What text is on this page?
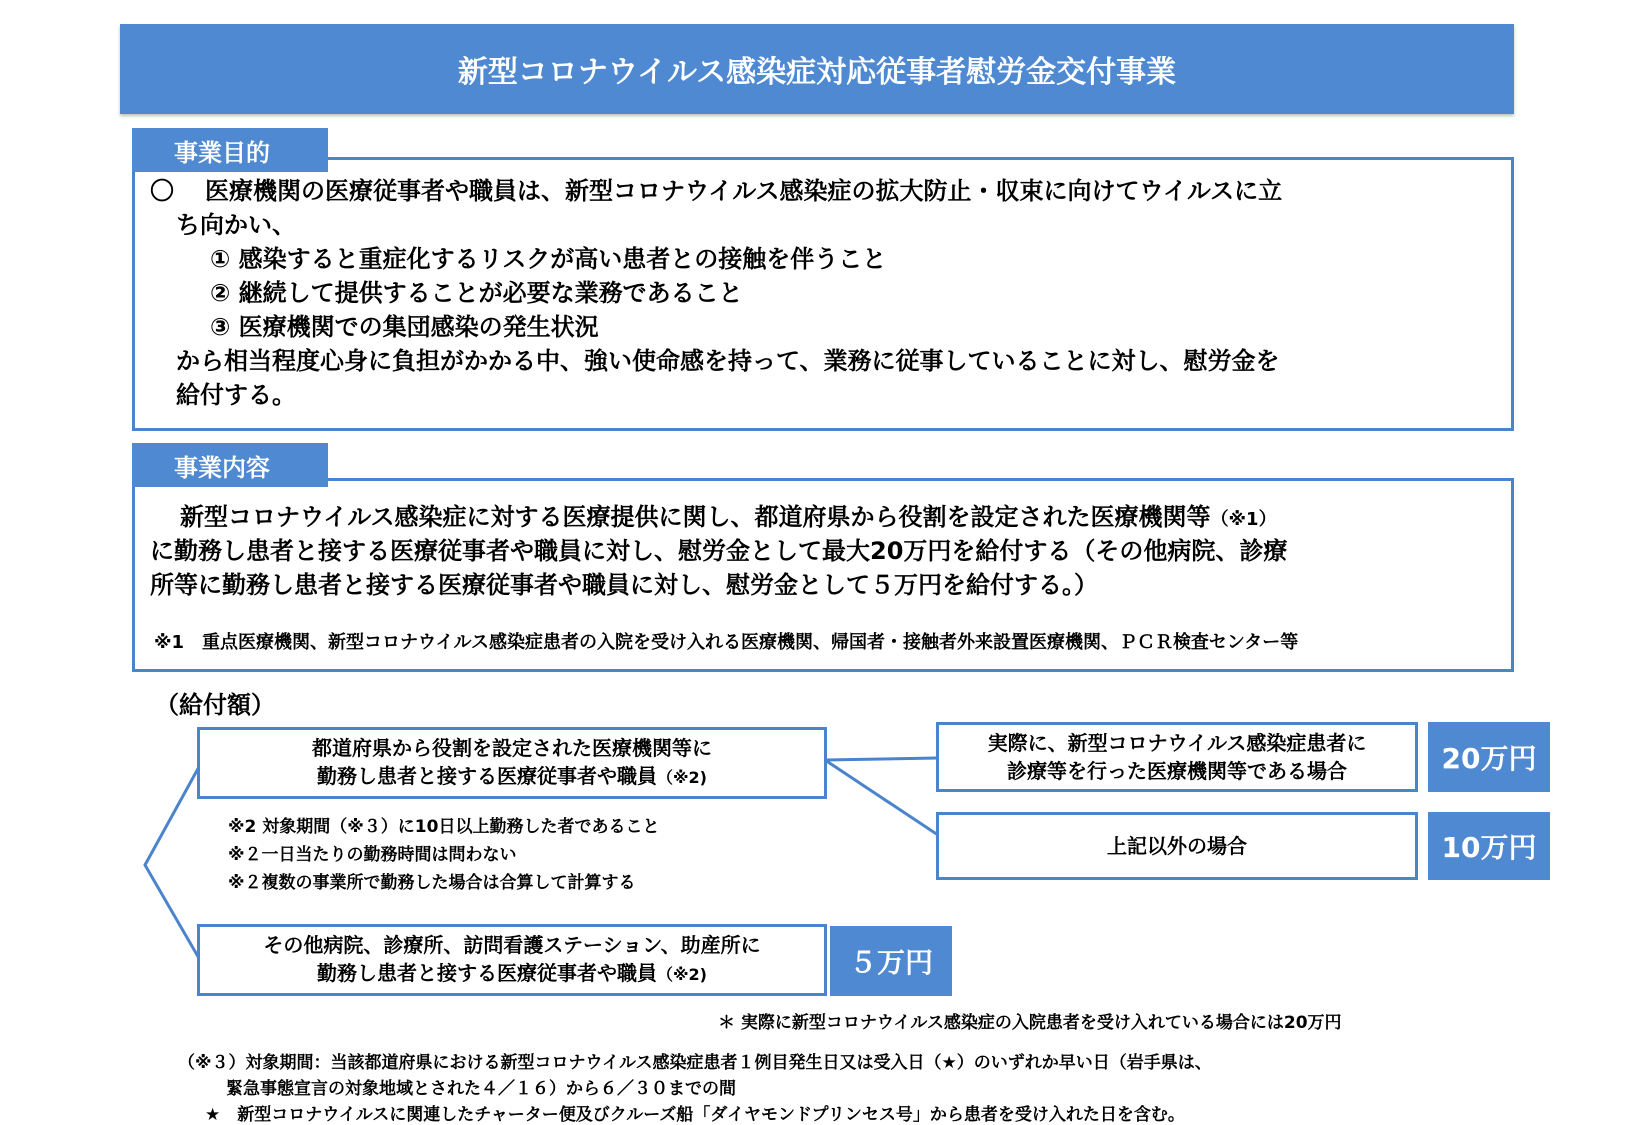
新型コロナウイルス感染症対応従事者慰労金交付事業
事業目的
〇 医療機関の医療従事者や職員は、新型コロナウイルス感染症の拡大防止・収束に向けてウイルスに立
ち向かい、
① 感染すると重症化するリスクが高い患者との接触を伴うこと
② 継続して提供することが必要な業務であること
③ 医療機関での集団感染の発生状況
から相当程度心身に負担がかかる中、強い使命感を持って、業務に従事していることに対し、慰労金を
給付する。
事業内容
新型コロナウイルス感染症に対する医療提供に関し、都道府県から役割を設定された医療機関等（※1）
に勤務し患者と接する医療従事者や職員に対し、慰労金として最大20万円を給付する（その他病院、診療
所等に勤務し患者と接する医療従事者や職員に対し、慰労金として５万円を給付する。）
※1　重点医療機関、新型コロナウイルス感染症患者の入院を受け入れる医療機関、帰国者・接触者外来設置医療機関、ＰＣＲ検査センター等
（給付額）
都道府県から役割を設定された医療機関等に
勤務し患者と接する医療従事者や職員（※2)
※2 対象期間（※３）に10日以上勤務した者であること
※２一日当たりの勤務時間は問わない
※２複数の事業所で勤務した場合は合算して計算する
実際に、新型コロナウイルス感染症患者に
診療等を行った医療機関等である場合	20万円
上記以外の場合	10万円
その他病院、診療所、訪問看護ステーション、助産所に
勤務し患者と接する医療従事者や職員（※2)	５万円
＊ 実際に新型コロナウイルス感染症の入院患者を受け入れている場合には20万円
（※３）対象期間：当該都道府県における新型コロナウイルス感染症患者１例目発生日又は受入日（★）のいずれか早い日（岩手県は、
緊急事態宣言の対象地域とされた４／１６）から６／３０までの間
★　新型コロナウイルスに関連したチャーター便及びクルーズ船「ダイヤモンドプリンセス号」から患者を受け入れた日を含む。
